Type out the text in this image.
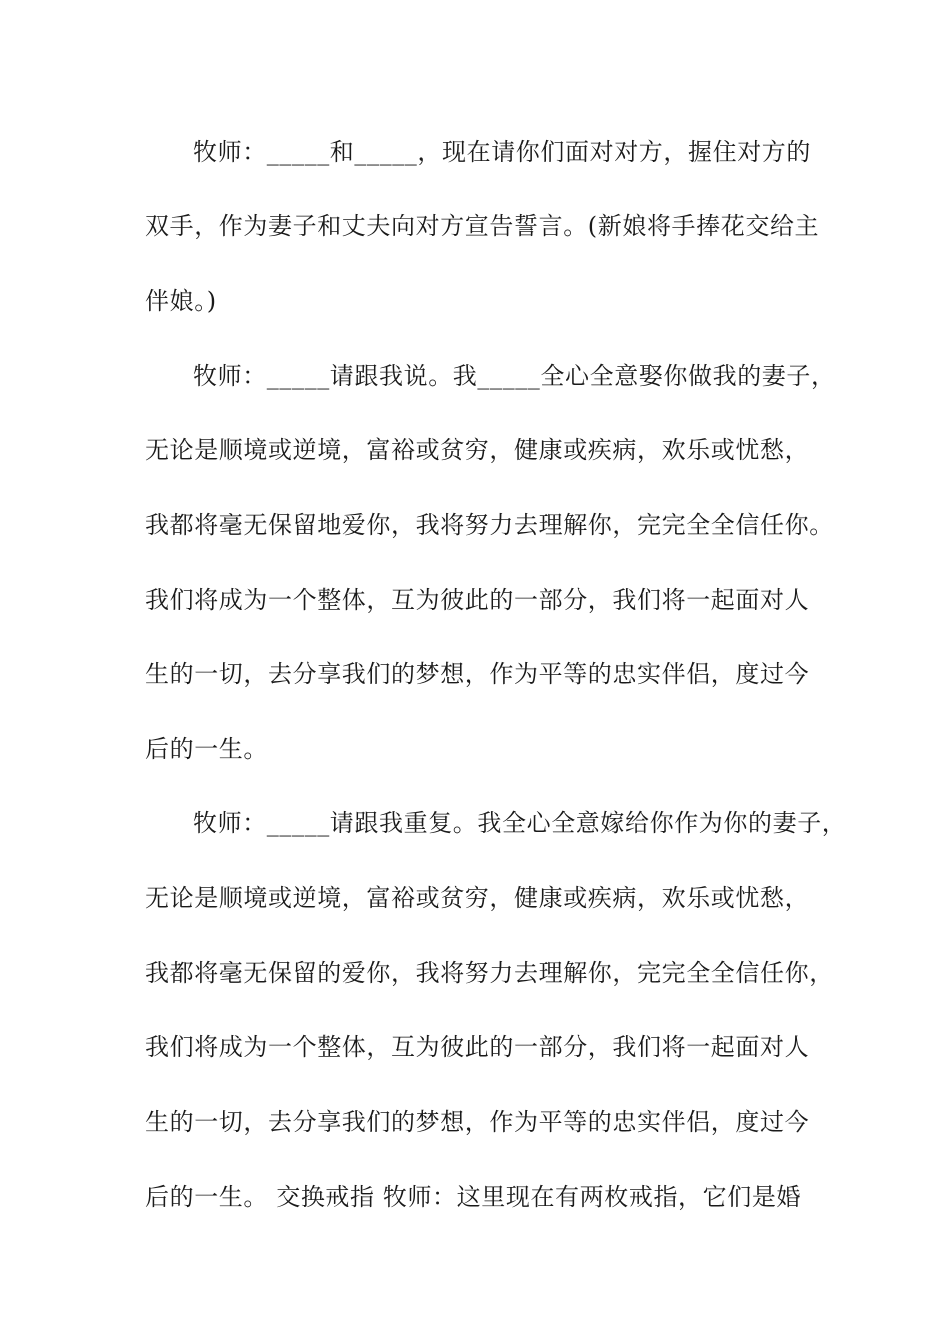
牧师：_____和_____，现在请你们面对对方，握住对方的
双手，作为妻子和丈夫向对方宣告誓言。(新娘将手捧花交给主
伴娘。)
牧师：_____请跟我说。我_____全心全意娶你做我的妻子，
无论是顺境或逆境，富裕或贫穷，健康或疾病，欢乐或忧愁，
我都将毫无保留地爱你，我将努力去理解你，完完全全信任你。
我们将成为一个整体，互为彼此的一部分，我们将一起面对人
生的一切，去分享我们的梦想，作为平等的忠实伴侣，度过今
后的一生。
牧师：_____请跟我重复。我全心全意嫁给你作为你的妻子，
无论是顺境或逆境，富裕或贫穷，健康或疾病，欢乐或忧愁，
我都将毫无保留的爱你，我将努力去理解你，完完全全信任你，
我们将成为一个整体，互为彼此的一部分，我们将一起面对人
生的一切，去分享我们的梦想，作为平等的忠实伴侣，度过今
后的一生。 交换戒指 牧师：这里现在有两枚戒指，它们是婚
